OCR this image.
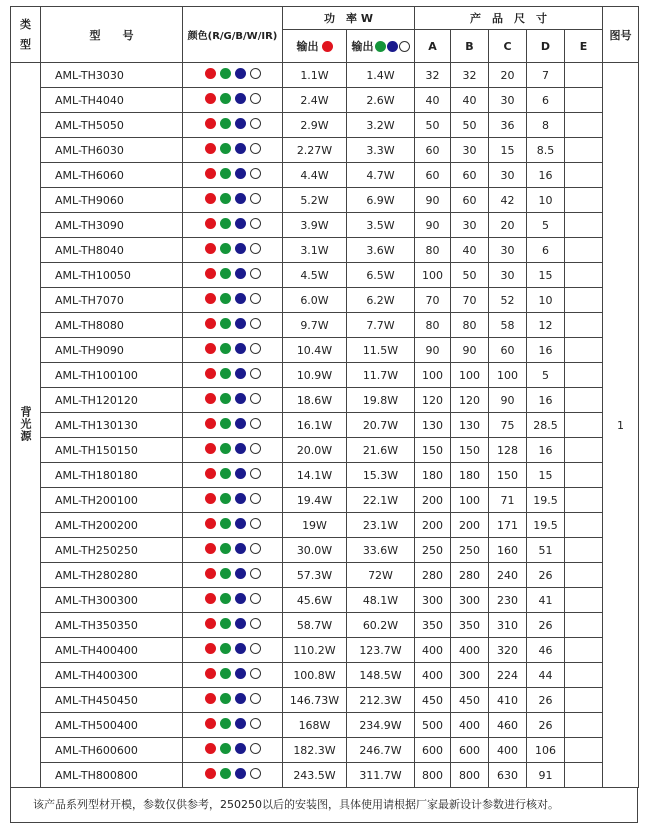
类型	型　　号	颜色(R/G/B/W/IR)	功　率 W		产　品　尺　寸					图号

			输出	输出	A	B	C	D	E	
背光源	AML-TH3030		1.1W	1.4W	32	32	20	7		1
	AML-TH4040		2.4W	2.6W	40	40	30	6		
	AML-TH5050		2.9W	3.2W	50	50	36	8		
	AML-TH6030		2.27W	3.3W	60	30	15	8.5		
	AML-TH6060		4.4W	4.7W	60	60	30	16		
	AML-TH9060		5.2W	6.9W	90	60	42	10		
	AML-TH3090		3.9W	3.5W	90	30	20	5		
	AML-TH8040		3.1W	3.6W	80	40	30	6		
	AML-TH10050		4.5W	6.5W	100	50	30	15		
	AML-TH7070		6.0W	6.2W	70	70	52	10		
	AML-TH8080		9.7W	7.7W	80	80	58	12		
	AML-TH9090		10.4W	11.5W	90	90	60	16		
	AML-TH100100		10.9W	11.7W	100	100	100	5		
	AML-TH120120		18.6W	19.8W	120	120	90	16		
	AML-TH130130		16.1W	20.7W	130	130	75	28.5		
	AML-TH150150		20.0W	21.6W	150	150	128	16		
	AML-TH180180		14.1W	15.3W	180	180	150	15		
	AML-TH200100		19.4W	22.1W	200	100	71	19.5		
	AML-TH200200		19W	23.1W	200	200	171	19.5		
	AML-TH250250		30.0W	33.6W	250	250	160	51		
	AML-TH280280		57.3W	72W	280	280	240	26		
	AML-TH300300		45.6W	48.1W	300	300	230	41		
	AML-TH350350		58.7W	60.2W	350	350	310	26		
	AML-TH400400		110.2W	123.7W	400	400	320	46		
	AML-TH400300		100.8W	148.5W	400	300	224	44		
	AML-TH450450		146.73W	212.3W	450	450	410	26		
	AML-TH500400		168W	234.9W	500	400	460	26		
	AML-TH600600		182.3W	246.7W	600	600	400	106		
	AML-TH800800		243.5W	311.7W	800	800	630	91		
该产品系列型材开模，参数仅供参考，250250以后的安装图，具体使用请根据厂家最新设计参数进行核对。
